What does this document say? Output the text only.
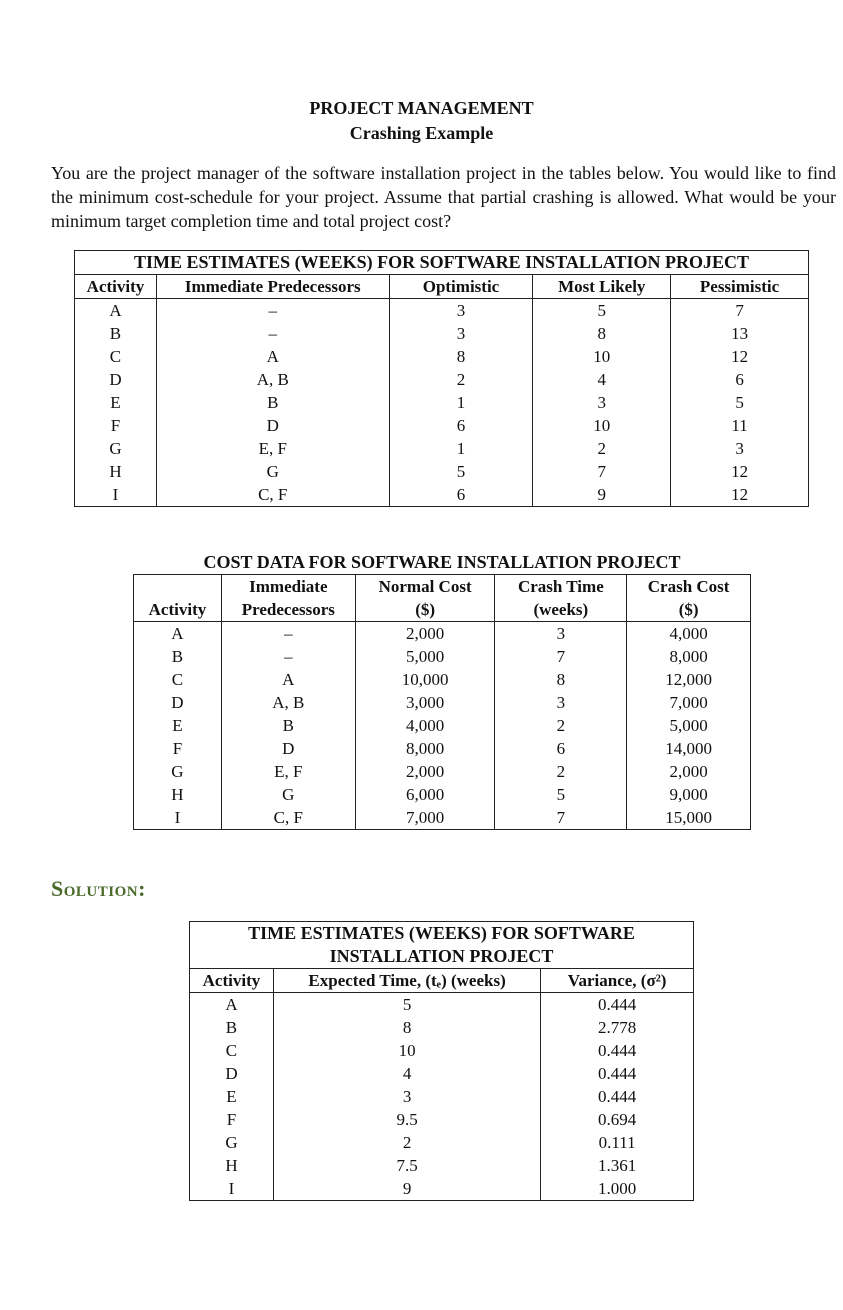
PROJECT MANAGEMENT
Crashing Example
You are the project manager of the software installation project in the tables below. You would like to find the minimum cost-schedule for your project. Assume that partial crashing is allowed. What would be your minimum target completion time and total project cost?
TIME ESTIMATES (WEEKS) FOR SOFTWARE INSTALLATION PROJECT				
Activity	Immediate Predecessors	Optimistic	Most Likely	Pessimistic
A	–	3	5	7
B	–	3	8	13
C	A	8	10	12
D	A, B	2	4	6
E	B	1	3	5
F	D	6	10	11
G	E, F	1	2	3
H	G	5	7	12
I	C, F	6	9	12
COST DATA FOR SOFTWARE INSTALLATION PROJECT				
Activity	Immediate	Normal Cost	Crash Time	Crash Cost
	Predecessors	($)	(weeks)	($)
A	–	2,000	3	4,000
B	–	5,000	7	8,000
C	A	10,000	8	12,000
D	A, B	3,000	3	7,000
E	B	4,000	2	5,000
F	D	8,000	6	14,000
G	E, F	2,000	2	2,000
H	G	6,000	5	9,000
I	C, F	7,000	7	15,000
Solution:
TIME ESTIMATES (WEEKS) FOR SOFTWARE		
INSTALLATION PROJECT		
Activity	Expected Time, (tₑ) (weeks)	Variance, (σ²)
A	5	0.444
B	8	2.778
C	10	0.444
D	4	0.444
E	3	0.444
F	9.5	0.694
G	2	0.111
H	7.5	1.361
I	9	1.000
